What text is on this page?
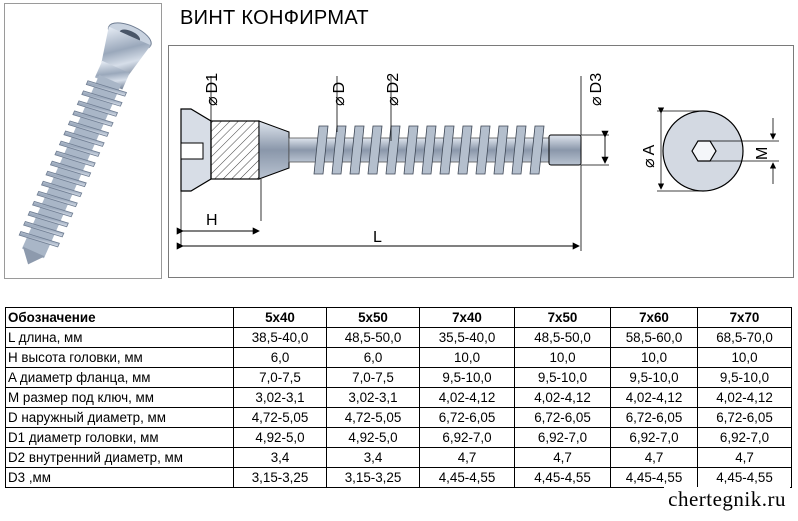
ВИНТ КОНФИРМАТ
H
L
⌀D1
⌀D
⌀D2
⌀D3
⌀A	M
Обозначение	5x40	5x50	7x40	7x50	7x60	7x70
L длина, мм	38,5-40,0	48,5-50,0	35,5-40,0	48,5-50,0	58,5-60,0	68,5-70,0
H высота головки, мм	6,0	6,0	10,0	10,0	10,0	10,0
A диаметр фланца, мм	7,0-7,5	7,0-7,5	9,5-10,0	9,5-10,0	9,5-10,0	9,5-10,0
M размер под ключ, мм	3,02-3,1	3,02-3,1	4,02-4,12	4,02-4,12	4,02-4,12	4,02-4,12
D наружный диаметр, мм	4,72-5,05	4,72-5,05	6,72-6,05	6,72-6,05	6,72-6,05	6,72-6,05
D1 диаметр головки, мм	4,92-5,0	4,92-5,0	6,92-7,0	6,92-7,0	6,92-7,0	6,92-7,0
D2 внутренний диаметр, мм	3,4	3,4	4,7	4,7	4,7	4,7
D3 ,мм	3,15-3,25	3,15-3,25	4,45-4,55	4,45-4,55	4,45-4,55	4,45-4,55
chertegnik.ru
